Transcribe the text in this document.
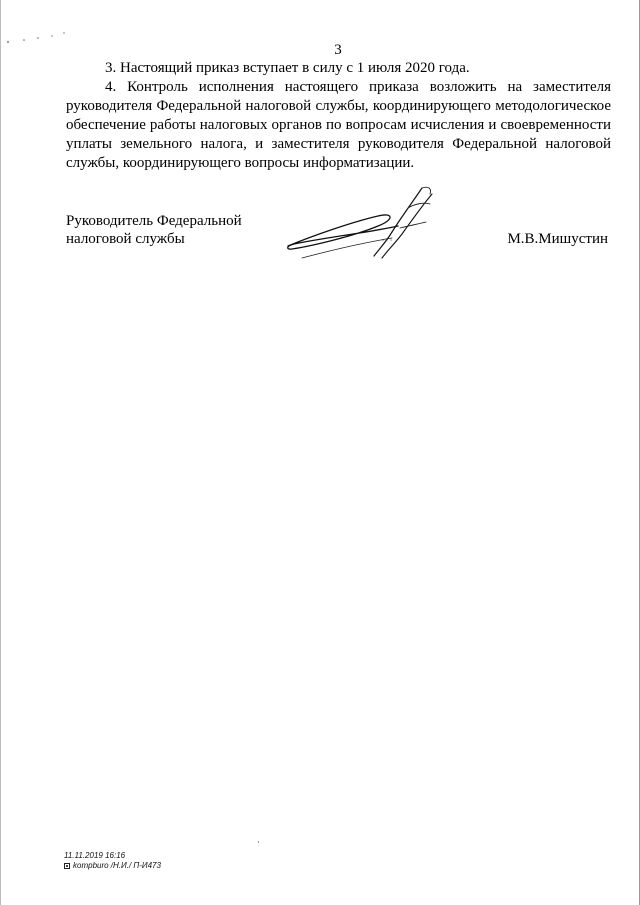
3

3. Настоящий приказ вступает в силу с 1 июля 2020 года.

4. Контроль исполнения настоящего приказа возложить на заместителя руководителя Федеральной налоговой службы, координирующего методологическое обеспечение работы налоговых органов по вопросам исчисления и своевременности уплаты земельного налога, и заместителя руководителя Федеральной налоговой службы, координирующего вопросы информатизации.

Руководитель Федеральной
налоговой службы	М.В.Мишустин
11.11.2019 16:16
kompburo /Н.И./ П-И473
